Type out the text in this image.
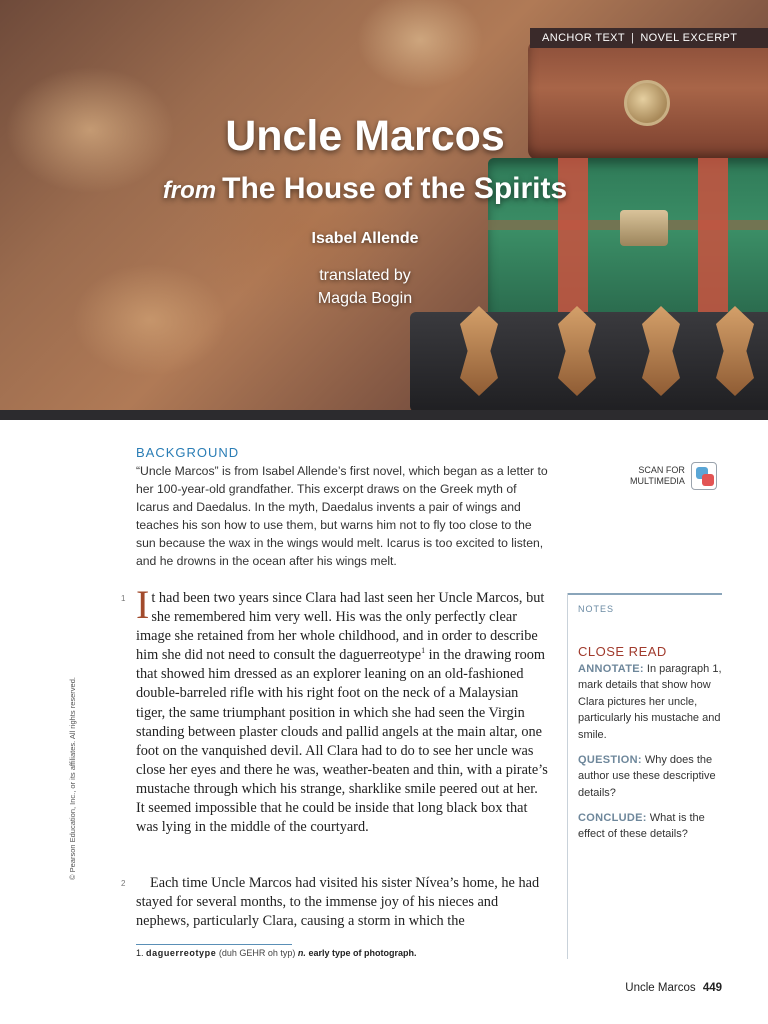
ANCHOR TEXT | NOVEL EXCERPT
Uncle Marcos
from The House of the Spirits
Isabel Allende
translated by
Magda Bogin
BACKGROUND
“Uncle Marcos” is from Isabel Allende’s first novel, which began as a letter to her 100-year-old grandfather. This excerpt draws on the Greek myth of Icarus and Daedalus. In the myth, Daedalus invents a pair of wings and teaches his son how to use them, but warns him not to fly too close to the sun because the wax in the wings would melt. Icarus is too excited to listen, and he drowns in the ocean after his wings melt.
SCAN FOR
MULTIMEDIA
1 It had been two years since Clara had last seen her Uncle Marcos, but she remembered him very well. His was the only perfectly clear image she retained from her whole childhood, and in order to describe him she did not need to consult the daguerreotype$^1$ in the drawing room that showed him dressed as an explorer leaning on an old-fashioned double-barreled rifle with his right foot on the neck of a Malaysian tiger, the same triumphant position in which she had seen the Virgin standing between plaster clouds and pallid angels at the main altar, one foot on the vanquished devil. All Clara had to do to see her uncle was close her eyes and there he was, weather-beaten and thin, with a pirate’s mustache through which his strange, sharklike smile peered out at her. It seemed impossible that he could be inside that long black box that was lying in the middle of the courtyard.
2	Each time Uncle Marcos had visited his sister Nívea’s home, he had stayed for several months, to the immense joy of his nieces and nephews, particularly Clara, causing a storm in which the
1. daguerreotype (duh GEHR oh typ) n. early type of photograph.
NOTES
CLOSE READ
ANNOTATE: In paragraph 1, mark details that show how Clara pictures her uncle, particularly his mustache and smile.
QUESTION: Why does the author use these descriptive details?
CONCLUDE: What is the effect of these details?
© Pearson Education, Inc., or its affiliates. All rights reserved.
Uncle Marcos 449
